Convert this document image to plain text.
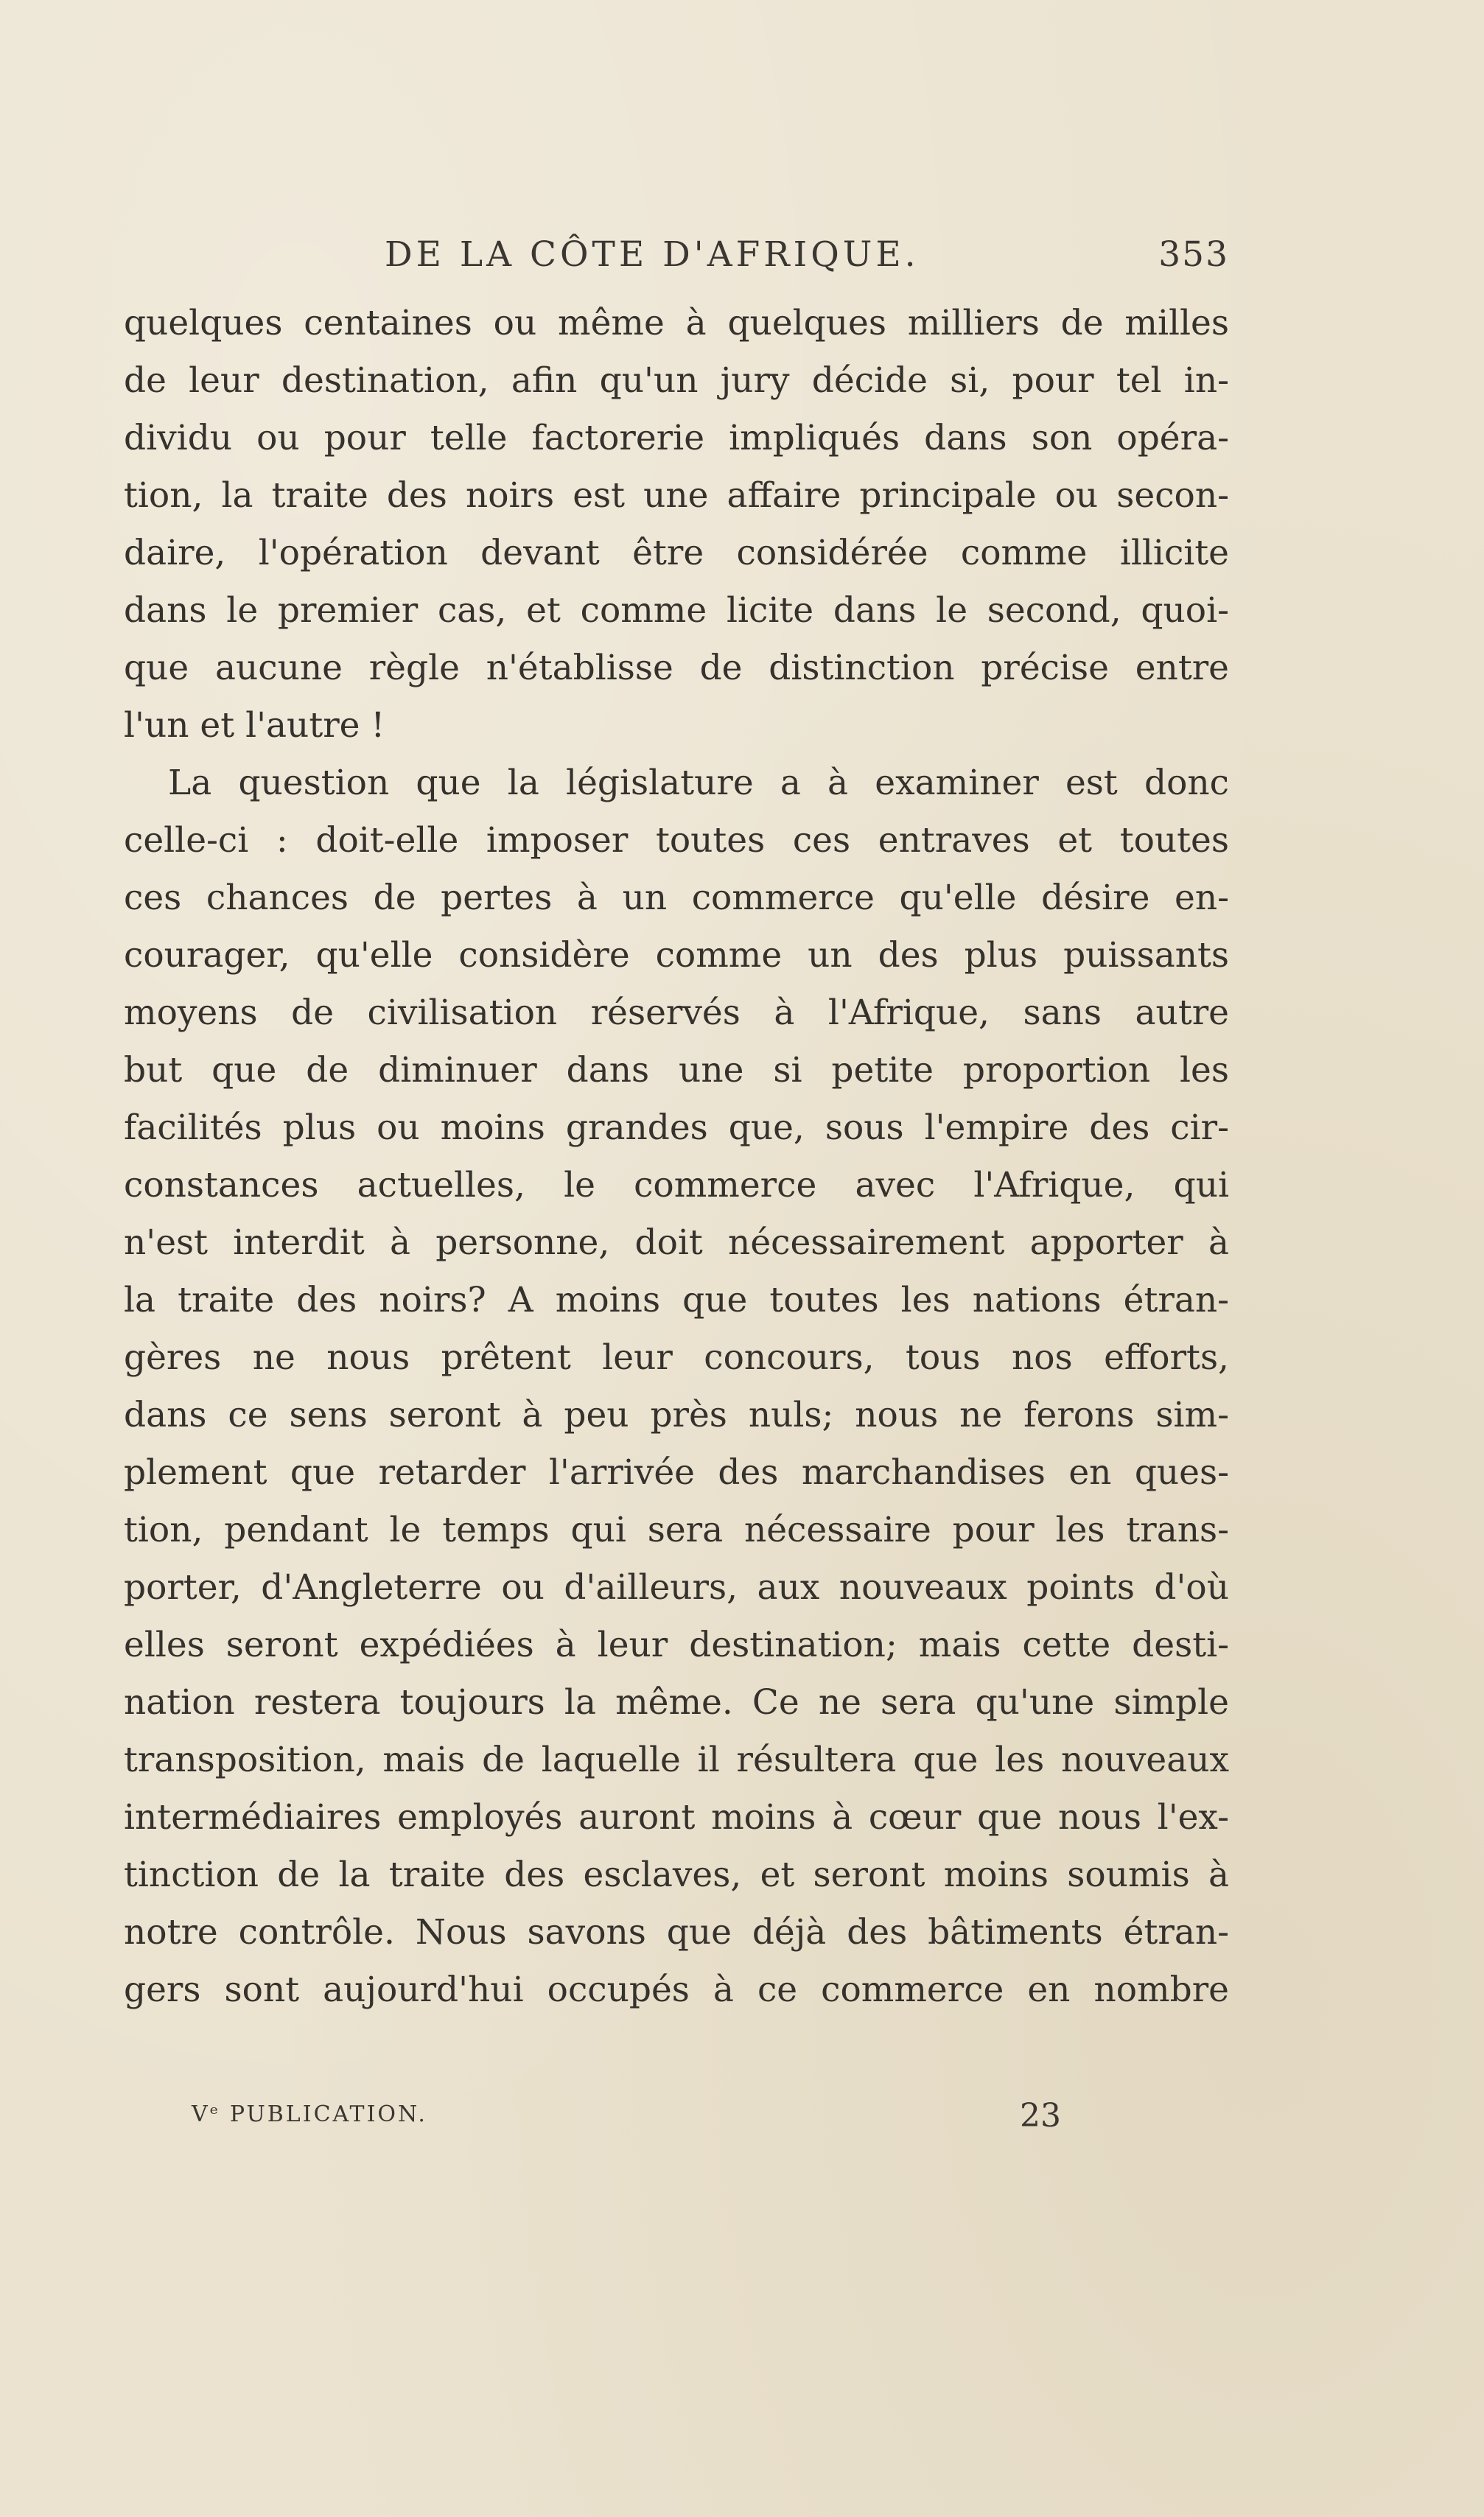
DE LA CÔTE D'AFRIQUE.	353
quelques centaines ou même à quelques milliers de milles
de leur destination, afin qu'un jury décide si, pour tel in-
dividu ou pour telle factorerie impliqués dans son opéra-
tion, la traite des noirs est une affaire principale ou secon-
daire, l'opération devant être considérée comme illicite
dans le premier cas, et comme licite dans le second, quoi-
que aucune règle n'établisse de distinction précise entre
l'un et l'autre !
La question que la législature a à examiner est donc
celle-ci : doit-elle imposer toutes ces entraves et toutes
ces chances de pertes à un commerce qu'elle désire en-
courager, qu'elle considère comme un des plus puissants
moyens de civilisation réservés à l'Afrique, sans autre
but que de diminuer dans une si petite proportion les
facilités plus ou moins grandes que, sous l'empire des cir-
constances actuelles, le commerce avec l'Afrique, qui
n'est interdit à personne, doit nécessairement apporter à
la traite des noirs? A moins que toutes les nations étran-
gères ne nous prêtent leur concours, tous nos efforts,
dans ce sens seront à peu près nuls; nous ne ferons sim-
plement que retarder l'arrivée des marchandises en ques-
tion, pendant le temps qui sera nécessaire pour les trans-
porter, d'Angleterre ou d'ailleurs, aux nouveaux points d'où
elles seront expédiées à leur destination; mais cette desti-
nation restera toujours la même. Ce ne sera qu'une simple
transposition, mais de laquelle il résultera que les nouveaux
intermédiaires employés auront moins à cœur que nous l'ex-
tinction de la traite des esclaves, et seront moins soumis à
notre contrôle. Nous savons que déjà des bâtiments étran-
gers sont aujourd'hui occupés à ce commerce en nombre
Vᵉ PUBLICATION.	23
